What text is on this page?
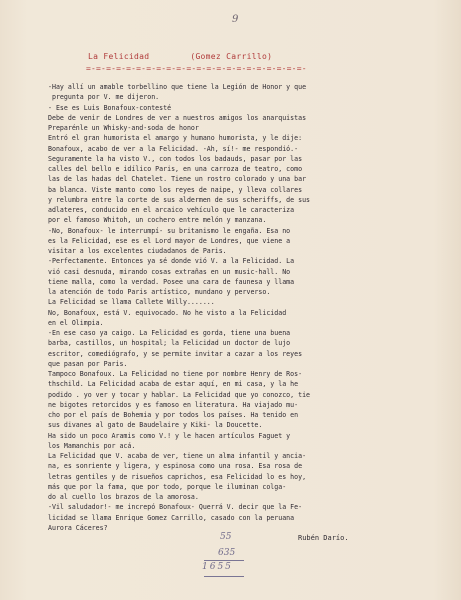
9
La Felicidad        (Gomez Carrillo)
=-=-=-=-=-=-=-=-=-=-=-=-=-=-=-=-=-=-=-=-=-=-
-Hay allí un amable torbellino que tiene la Legión de Honor y que
pregunta por V. me dijeron.
- Ese es Luis Bonafoux-contesté
Debe de venir de Londres de ver a nuestros amigos los anarquistas
Preparénle un Whisky-and-soda de honor
Entró el gran humorista el amargo y humano humorista, y le dije:
Bonafoux, acabo de ver a la Felicidad. -Ah, sí!- me respondió.-
Seguramente la ha visto V., con todos los badauds, pasar por las
calles del bello e idílico Paris, en una carroza de teatro, como
las de las hadas del Chatelet. Tiene un rostro colorado y una bar
ba blanca. Viste manto como los reyes de naipe, y lleva collares
y relumbra entre la corte de sus aldermen de sus scheriffs, de sus
adlateres, conducido en el arcaico vehículo que le caracteriza
por el famoso Whitoh, un cochero entre melón y manzana.
-No, Bonafoux- le interrumpí- su britanismo le engaña. Esa no
es la Felicidad, ese es el Lord mayor de Londres, que viene a
visitar a los excelentes ciudadanos de Paris.
-Perfectamente. Entonces ya sé donde vió V. a la Felicidad. La
vió casi desnuda, mirando cosas extrañas en un music-hall. No
tiene malla, como la verdad. Posee una cara de faunesa y llama
la atención de todo Paris artístico, mundano y perverso.
La Felicidad se llama Callete Willy.......
No, Bonafoux, está V. equivocado. No he visto a la Felicidad
en el Olimpia.
-En ese caso ya caigo. La Felicidad es gorda, tiene una buena
barba, castillos, un hospital; la Felicidad un doctor de lujo
escritor, comediógrafo, y se permite invitar a cazar a los reyes
que pasan por Paris.
Tampoco Bonafoux. La Felicidad no tiene por nombre Henry de Ros-
thschild. La Felicidad acaba de estar aquí, en mi casa, y la he
podido . yo ver y tocar y hablar. La Felicidad que yo conozco, tie
ne bigotes retorcidos y es famoso en literatura. Ha viajado mu-
cho por el país de Bohemia y por todos los países. Ha tenido en
sus divanes al gato de Baudelaire y Kiki- la Doucette.
Ha sido un poco Aramis como V.! y le hacen artículos Faguet y
los Mamanchis por acá.
La Felicidad que V. acaba de ver, tiene un alma infantil y ancia-
na, es sonriente y ligera, y espinosa como una rosa. Esa rosa de
letras gentiles y de risueños caprichos, esa Felicidad lo es hoy,
más que por la fama, que por todo, porque le iluminan colga-
do al cuello los brazos de la amorosa.
-Vil saludador!- me increpó Bonafoux- Querrá V. decir que la Fe-
licidad se llama Enrique Gomez Carrillo, casado con la peruana
Aurora Cáceres?
Rubén Darío.
55
635
1655
